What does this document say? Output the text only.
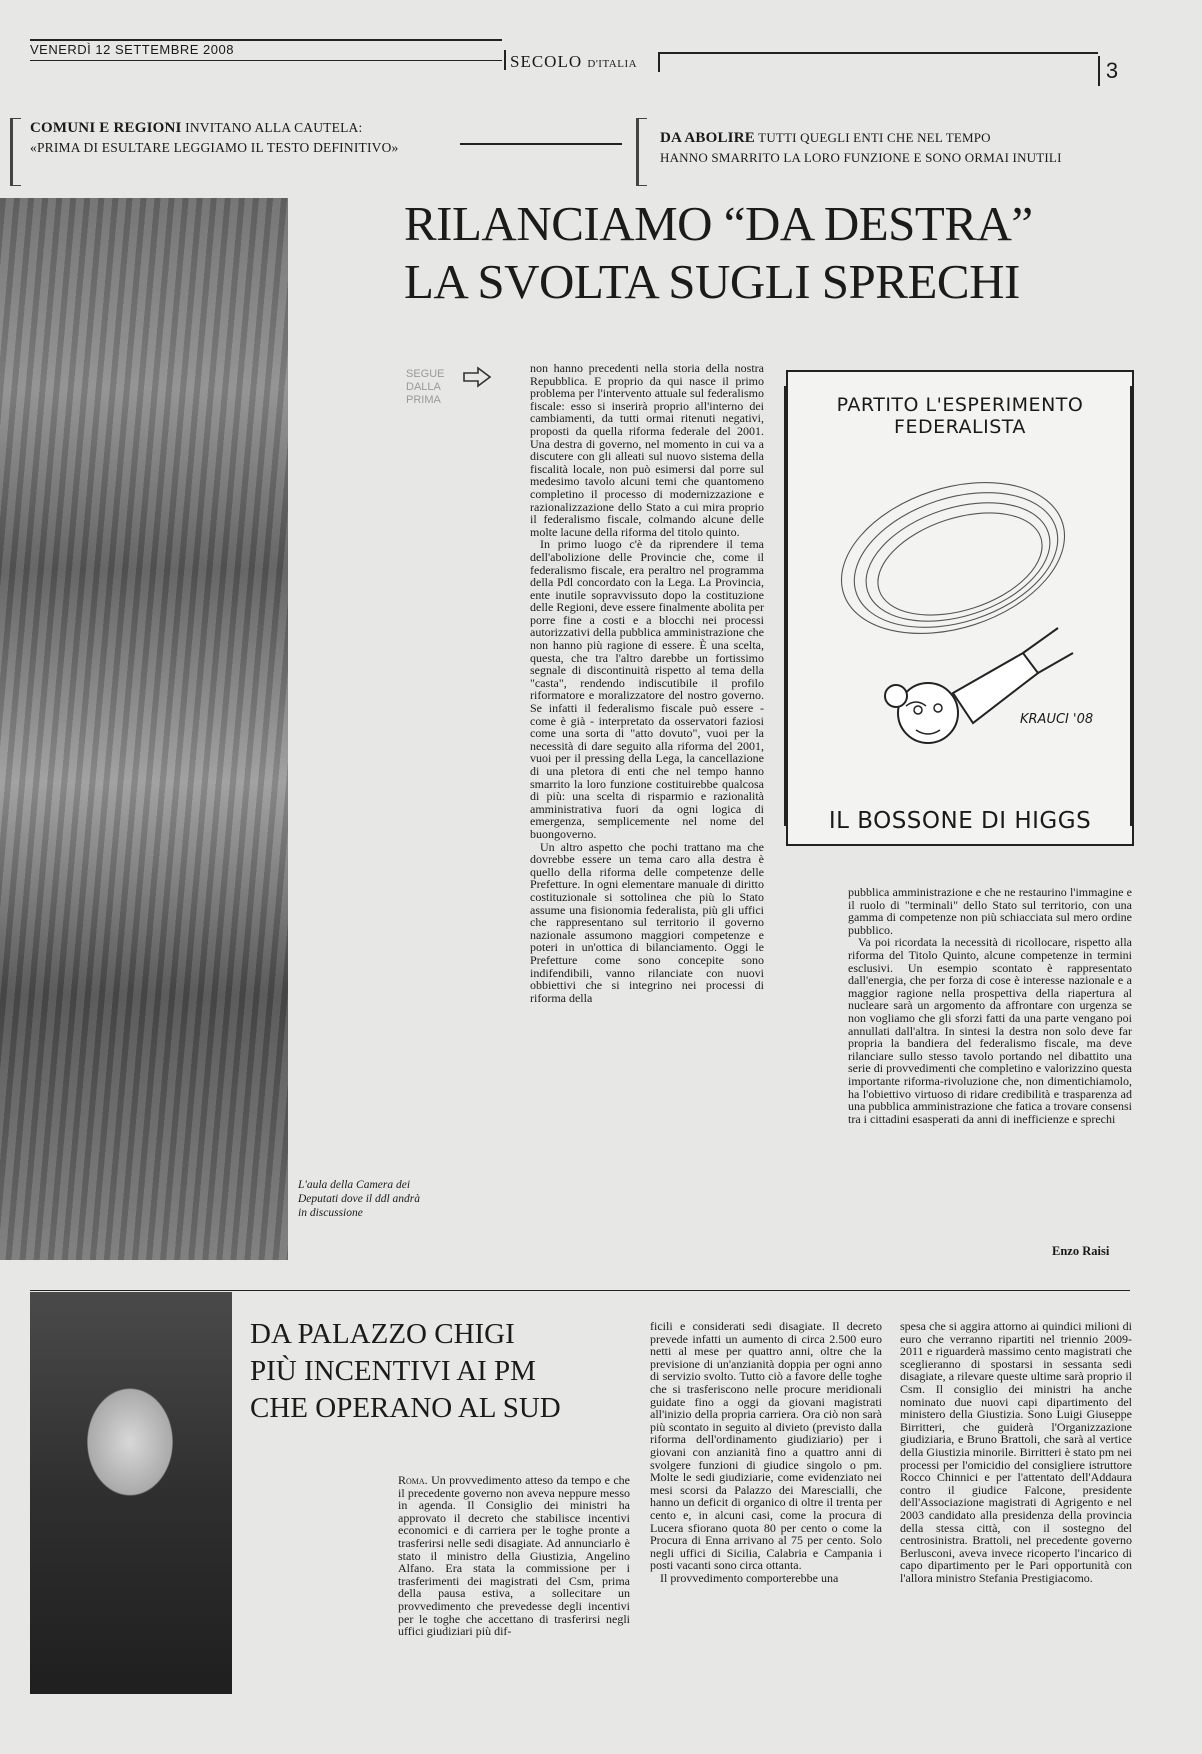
VENERDÌ 12 SETTEMBRE 2008
SECOLO D'ITALIA	3
COMUNI E REGIONI INVITANO ALLA CAUTELA:
«PRIMA DI ESULTARE LEGGIAMO IL TESTO DEFINITIVO»
DA ABOLIRE TUTTI QUEGLI ENTI CHE NEL TEMPO
HANNO SMARRITO LA LORO FUNZIONE E SONO ORMAI INUTILI
L'aula della Camera dei Deputati dove il ddl andrà in discussione
RILANCIAMO “DA DESTRA”
LA SVOLTA SUGLI SPRECHI
SEGUE DALLA PRIMA

non hanno precedenti nella storia della nostra Repubblica. E proprio da qui nasce il primo problema per l'intervento attuale sul federalismo fiscale: esso si inserirà proprio all'interno dei cambiamenti, da tutti ormai ritenuti negativi, proposti da quella riforma federale del 2001. Una destra di governo, nel momento in cui va a discutere con gli alleati sul nuovo sistema della fiscalità locale, non può esimersi dal porre sul medesimo tavolo alcuni temi che quantomeno completino il processo di modernizzazione e razionalizzazione dello Stato a cui mira proprio il federalismo fiscale, colmando alcune delle molte lacune della riforma del titolo quinto.

In primo luogo c'è da riprendere il tema dell'abolizione delle Provincie che, come il federalismo fiscale, era peraltro nel programma della Pdl concordato con la Lega. La Provincia, ente inutile sopravvissuto dopo la costituzione delle Regioni, deve essere finalmente abolita per porre fine a costi e a blocchi nei processi autorizzativi della pubblica amministrazione che non hanno più ragione di essere. È una scelta, questa, che tra l'altro darebbe un fortissimo segnale di discontinuità rispetto al tema della "casta", rendendo indiscutibile il profilo riformatore e moralizzatore del nostro governo. Se infatti il federalismo fiscale può essere - come è già - interpretato da osservatori faziosi come una sorta di "atto dovuto", vuoi per la necessità di dare seguito alla riforma del 2001, vuoi per il pressing della Lega, la cancellazione di una pletora di enti che nel tempo hanno smarrito la loro funzione costituirebbe qualcosa di più: una scelta di risparmio e razionalità amministrativa fuori da ogni logica di emergenza, semplicemente nel nome del buongoverno.

Un altro aspetto che pochi trattano ma che dovrebbe essere un tema caro alla destra è quello della riforma delle competenze delle Prefetture. In ogni elementare manuale di diritto costituzionale si sottolinea che più lo Stato assume una fisionomia federalista, più gli uffici che rappresentano sul territorio il governo nazionale assumono maggiori competenze e poteri in un'ottica di bilanciamento. Oggi le Prefetture come sono concepite sono indifendibili, vanno rilanciate con nuovi obbiettivi che si integrino nei processi di riforma della

pubblica amministrazione e che ne restaurino l'immagine e il ruolo di "terminali" dello Stato sul territorio, con una gamma di competenze non più schiacciata sul mero ordine pubblico.

Va poi ricordata la necessità di ricollocare, rispetto alla riforma del Titolo Quinto, alcune competenze in termini esclusivi. Un esempio scontato è rappresentato dall'energia, che per forza di cose è interesse nazionale e a maggior ragione nella prospettiva della riapertura al nucleare sarà un argomento da affrontare con urgenza se non vogliamo che gli sforzi fatti da una parte vengano poi annullati dall'altra. In sintesi la destra non solo deve far propria la bandiera del federalismo fiscale, ma deve rilanciare sullo stesso tavolo portando nel dibattito una serie di provvedimenti che completino e valorizzino questa importante riforma-rivoluzione che, non dimentichiamolo, ha l'obiettivo virtuoso di ridare credibilità e trasparenza ad una pubblica amministrazione che fatica a trovare consensi tra i cittadini esasperati da anni di inefficienze e sprechi

Enzo Raisi
PARTITO L'ESPERIMENTO FEDERALISTA
KRAUCI '08
IL BOSSONE DI HIGGS
DA PALAZZO CHIGI
PIÙ INCENTIVI AI PM
CHE OPERANO AL SUD

Roma. Un provvedimento atteso da tempo e che il precedente governo non aveva neppure messo in agenda. Il Consiglio dei ministri ha approvato il decreto che stabilisce incentivi economici e di carriera per le toghe pronte a trasferirsi nelle sedi disagiate. Ad annunciarlo è stato il ministro della Giustizia, Angelino Alfano. Era stata la commissione per i trasferimenti dei magistrati del Csm, prima della pausa estiva, a sollecitare un provvedimento che prevedesse degli incentivi per le toghe che accettano di trasferirsi negli uffici giudiziari più dif-

ficili e considerati sedi disagiate. Il decreto prevede infatti un aumento di circa 2.500 euro netti al mese per quattro anni, oltre che la previsione di un'anzianità doppia per ogni anno di servizio svolto. Tutto ciò a favore delle toghe che si trasferiscono nelle procure meridionali guidate fino a oggi da giovani magistrati all'inizio della propria carriera. Ora ciò non sarà più scontato in seguito al divieto (previsto dalla riforma dell'ordinamento giudiziario) per i giovani con anzianità fino a quattro anni di svolgere funzioni di giudice singolo o pm. Molte le sedi giudiziarie, come evidenziato nei mesi scorsi da Palazzo dei Marescialli, che hanno un deficit di organico di oltre il trenta per cento e, in alcuni casi, come la procura di Lucera sfiorano quota 80 per cento o come la Procura di Enna arrivano al 75 per cento. Solo negli uffici di Sicilia, Calabria e Campania i posti vacanti sono circa ottanta.

Il provvedimento comporterebbe una

spesa che si aggira attorno ai quindici milioni di euro che verranno ripartiti nel triennio 2009-2011 e riguarderà massimo cento magistrati che sceglieranno di spostarsi in sessanta sedi disagiate, a rilevare queste ultime sarà proprio il Csm. Il consiglio dei ministri ha anche nominato due nuovi capi dipartimento del ministero della Giustizia. Sono Luigi Giuseppe Birritteri, che guiderà l'Organizzazione giudiziaria, e Bruno Brattoli, che sarà al vertice della Giustizia minorile. Birritteri è stato pm nei processi per l'omicidio del consigliere istruttore Rocco Chinnici e per l'attentato dell'Addaura contro il giudice Falcone, presidente dell'Associazione magistrati di Agrigento e nel 2003 candidato alla presidenza della provincia della stessa città, con il sostegno del centrosinistra. Brattoli, nel precedente governo Berlusconi, aveva invece ricoperto l'incarico di capo dipartimento per le Pari opportunità con l'allora ministro Stefania Prestigiacomo.
